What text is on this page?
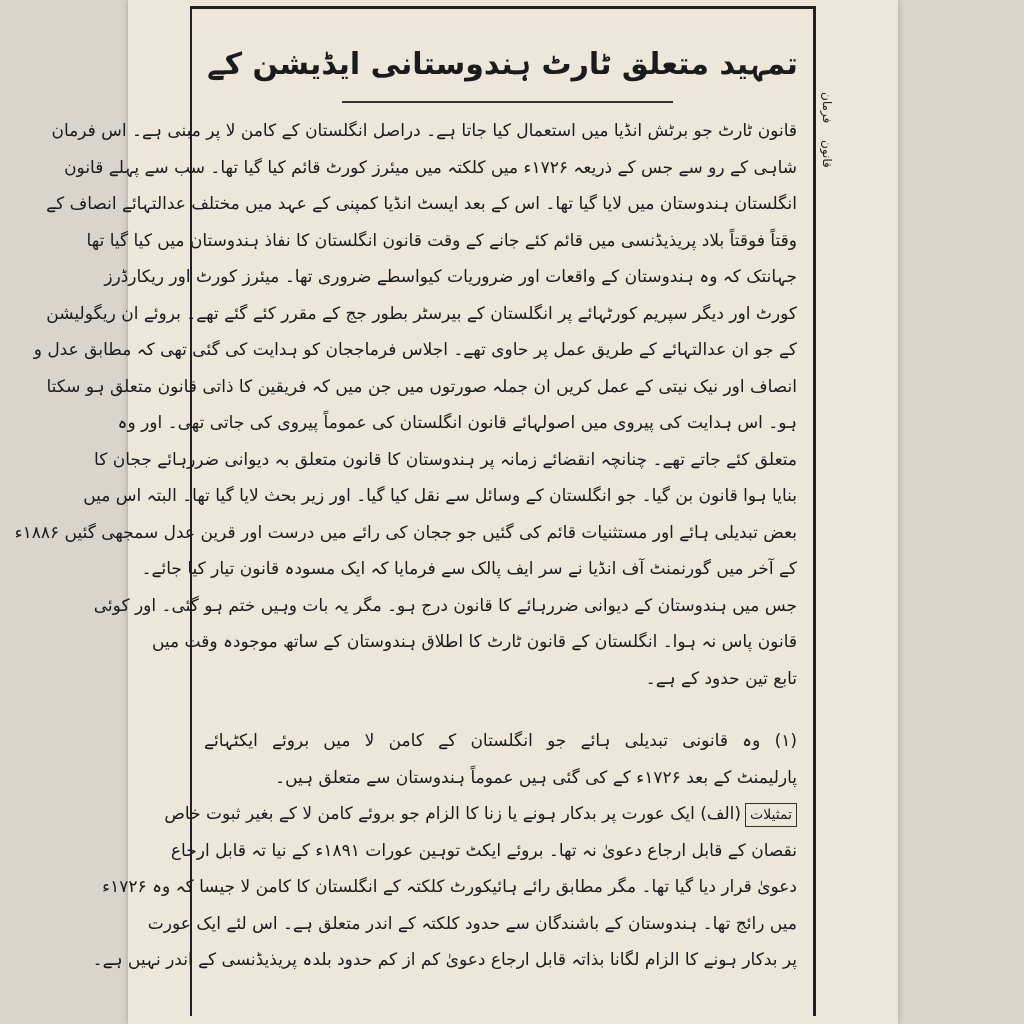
تمہید متعلق ٹارٹ ہندوستانی ایڈیشن کے
قانون ٹارٹ جو برٹش انڈیا میں استعمال کیا جاتا ہے۔ دراصل انگلستان کے کامن لا پر مبنی ہے۔ اس فرمان
شاہی کے رو سے جس کے ذریعہ ۱۷۲۶ء میں کلکتہ میں میئرز کورٹ قائم کیا گیا تھا۔ سب سے پہلے قانون
انگلستان ہندوستان میں لایا گیا تھا۔ اس کے بعد ایسٹ انڈیا کمپنی کے عہد میں مختلف عدالتہائے انصاف کے
وقتاً فوقتاً بلاد پریذیڈنسی میں قائم کئے جانے کے وقت قانون انگلستان کا نفاذ ہندوستان میں کیا گیا تھا
جہانتک کہ وہ ہندوستان کے واقعات اور ضروریات کیواسطے ضروری تھا۔ میئرز کورٹ اور ریکارڈرز
کورٹ اور دیگر سپریم کورٹہائے پر انگلستان کے بیرسٹر بطور جج کے مقرر کئے گئے تھے۔ بروئے ان ریگولیشن
کے جو ان عدالتہائے کے طریق عمل پر حاوی تھے۔ اجلاس فرماججان کو ہدایت کی گئی تھی کہ مطابق عدل و
انصاف اور نیک نیتی کے عمل کریں ان جملہ صورتوں میں جن میں کہ فریقین کا ذاتی قانون متعلق ہو سکتا
ہو۔ اس ہدایت کی پیروی میں اصولہائے قانون انگلستان کی عموماً پیروی کی جاتی تھی۔ اور وہ
متعلق کئے جاتے تھے۔ چنانچہ انقضائے زمانہ پر ہندوستان کا قانون متعلق بہ دیوانی ضررہائے ججان کا
بنایا ہوا قانون بن گیا۔ جو انگلستان کے وسائل سے نقل کیا گیا۔ اور زیر بحث لایا گیا تھا۔ البتہ اس میں
بعض تبدیلی ہائے اور مستثنیات قائم کی گئیں جو ججان کی رائے میں درست اور قرین عدل سمجھی گئیں ۱۸۸۶ء
کے آخر میں گورنمنٹ آف انڈیا نے سر ایف پالک سے فرمایا کہ ایک مسودہ قانون تیار کیا جائے۔
جس میں ہندوستان کے دیوانی ضررہائے کا قانون درج ہو۔ مگر یہ بات وہیں ختم ہو گئی۔ اور کوئی
قانون پاس نہ ہوا۔ انگلستان کے قانون ٹارٹ کا اطلاق ہندوستان کے ساتھ موجودہ وقت میں
تابع تین حدود کے ہے۔
(۱) وہ قانونی تبدیلی ہائے جو انگلستان کے کامن لا میں بروئے ایکٹہائے
پارلیمنٹ کے بعد ۱۷۲۶ء کے کی گئی ہیں عموماً ہندوستان سے متعلق ہیں۔
تمثیلات(الف) ایک عورت پر بدکار ہونے یا زنا کا الزام جو بروئے کامن لا کے بغیر ثبوت خاص
نقصان کے قابل ارجاع دعویٰ نہ تھا۔ بروئے ایکٹ توہین عورات ۱۸۹۱ء کے نیا تہ قابل ارجاع
دعویٰ قرار دیا گیا تھا۔ مگر مطابق رائے ہائیکورٹ کلکتہ کے انگلستان کا کامن لا جیسا کہ وہ ۱۷۲۶ء
میں رائج تھا۔ ہندوستان کے باشندگان سے حدود کلکتہ کے اندر متعلق ہے۔ اس لئے ایک عورت
پر بدکار ہونے کا الزام لگانا بذاتہ قابل ارجاع دعویٰ کم از کم حدود بلدہ پریذیڈنسی کے اندر نہیں ہے۔
فرمان
قانون
